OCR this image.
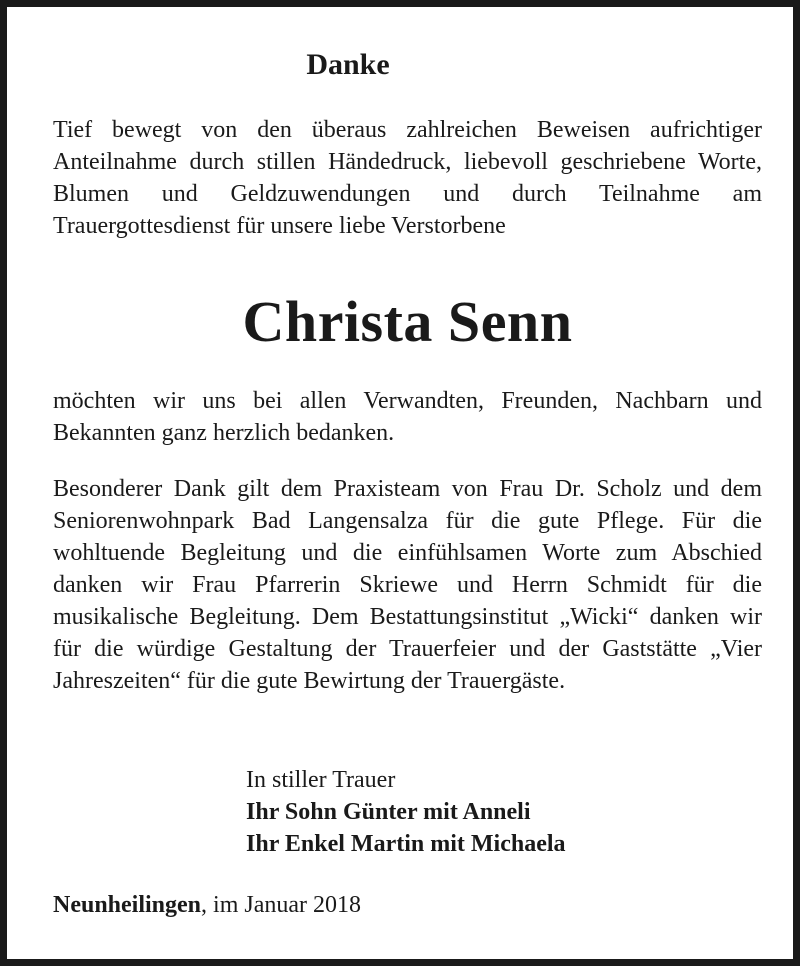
Danke

Tief bewegt von den überaus zahlreichen Beweisen aufrichtiger Anteilnahme durch stillen Händedruck, liebevoll geschriebene Worte, Blumen und Geldzuwendungen und durch Teilnahme am Trauergottesdienst für unsere liebe Verstorbene

Christa Senn

möchten wir uns bei allen Verwandten, Freunden, Nachbarn und Bekannten ganz herzlich bedanken.

Besonderer Dank gilt dem Praxisteam von Frau Dr. Scholz und dem Seniorenwohnpark Bad Langensalza für die gute Pflege. Für die wohltuende Begleitung und die einfühlsamen Worte zum Abschied danken wir Frau Pfarrerin Skriewe und Herrn Schmidt für die musikalische Begleitung. Dem Bestattungsinstitut „Wicki“ danken wir für die würdige Gestaltung der Trauerfeier und der Gaststätte „Vier Jahreszeiten“ für die gute Bewirtung der Trauergäste.

In stiller Trauer
Ihr Sohn Günter mit Anneli
Ihr Enkel Martin mit Michaela
Neunheilingen, im Januar 2018
